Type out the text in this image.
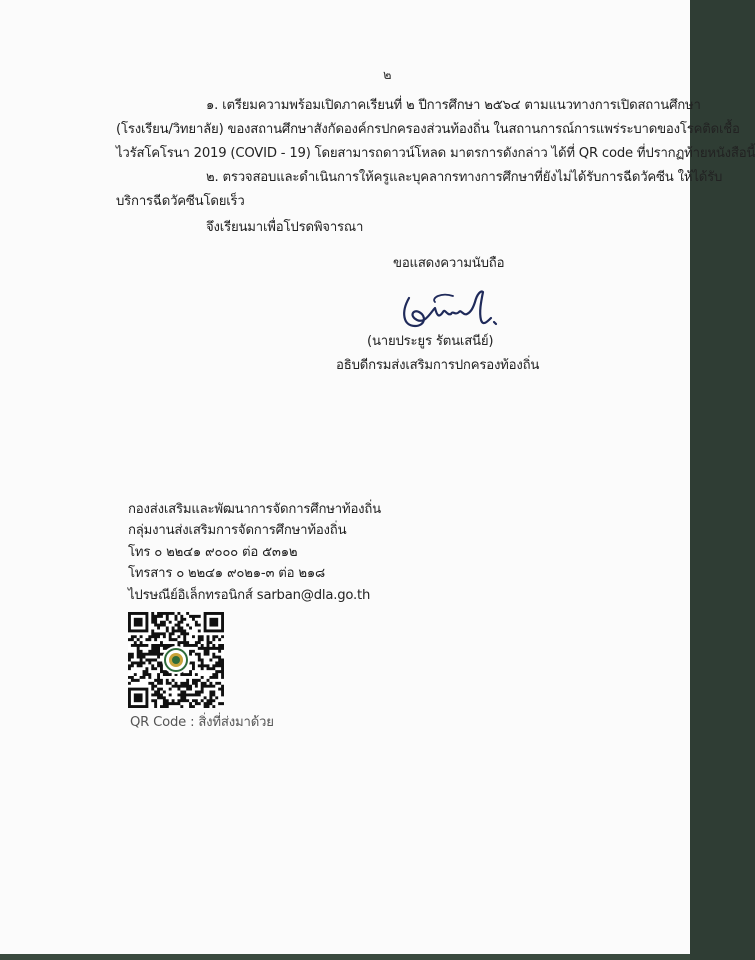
๒
๑. เตรียมความพร้อมเปิดภาคเรียนที่ ๒ ปีการศึกษา ๒๕๖๔ ตามแนวทางการเปิดสถานศึกษา
(โรงเรียน/วิทยาลัย) ของสถานศึกษาสังกัดองค์กรปกครองส่วนท้องถิ่น ในสถานการณ์การแพร่ระบาดของโรคติดเชื้อ
ไวรัสโคโรนา 2019 (COVID - 19) โดยสามารถดาวน์โหลด มาตรการดังกล่าว ได้ที่ QR code ที่ปรากฏท้ายหนังสือนี้
๒. ตรวจสอบและดำเนินการให้ครูและบุคลากรทางการศึกษาที่ยังไม่ได้รับการฉีดวัคซีน ให้ได้รับ
บริการฉีดวัคซีนโดยเร็ว
จึงเรียนมาเพื่อโปรดพิจารณา
ขอแสดงความนับถือ
(นายประยูร รัตนเสนีย์)
อธิบดีกรมส่งเสริมการปกครองท้องถิ่น
กองส่งเสริมและพัฒนาการจัดการศึกษาท้องถิ่น
กลุ่มงานส่งเสริมการจัดการศึกษาท้องถิ่น
โทร ๐ ๒๒๔๑ ๙๐๐๐ ต่อ ๕๓๑๒
โทรสาร ๐ ๒๒๔๑ ๙๐๒๑-๓ ต่อ ๒๑๘
ไปรษณีย์อิเล็กทรอนิกส์ sarban@dla.go.th
QR Code : สิ่งที่ส่งมาด้วย
